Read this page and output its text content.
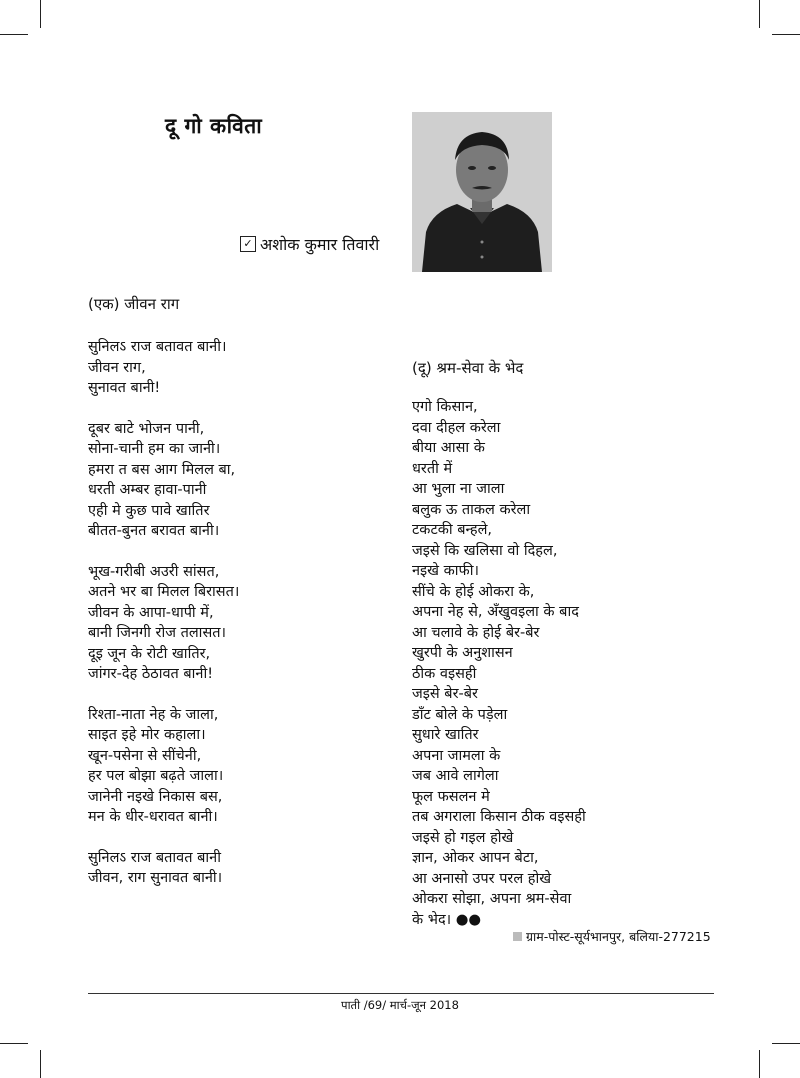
दू गो कविता
✓ अशोक कुमार तिवारी
(एक) जीवन राग
सुनिलऽ राज बतावत बानी।
जीवन राग,
सुनावत बानी!
दूबर बाटे भोजन पानी,
सोना-चानी हम का जानी।
हमरा त बस आग मिलल बा,
धरती अम्बर हावा-पानी
एही मे कुछ पावे खातिर
बीतत-बुनत बरावत बानी।
भूख-गरीबी अउरी सांसत,
अतने भर बा मिलल बिरासत।
जीवन के आपा-धापी में,
बानी जिनगी रोज तलासत।
दूइ जून के रोटी खातिर,
जांगर-देह ठेठावत बानी!
रिश्ता-नाता नेह के जाला,
साइत इहे मोर कहाला।
खून-पसेना से सींचेनी,
हर पल बोझा बढ़ते जाला।
जानेनी नइखे निकास बस,
मन के धीर-धरावत बानी।
सुनिलऽ राज बतावत बानी
जीवन, राग सुनावत बानी।
(दू) श्रम-सेवा के भेद
एगो किसान,
दवा दीहल करेला
बीया आसा के
धरती में
आ भुला ना जाला
बलुक ऊ ताकल करेला
टकटकी बन्हले,
जइसे कि खलिसा वो दिहल,
नइखे काफी।
सींचे के होई ओकरा के,
अपना नेह से, अँखुवइला के बाद
आ चलावे के होई बेर-बेर
खुरपी के अनुशासन
ठीक वइसही
जइसे बेर-बेर
डाँट बोले के पड़ेला
सुधारे खातिर
अपना जामला के
जब आवे लागेला
फूल फसलन मे
तब अगराला किसान ठीक वइसही
जइसे हो गइल होखे
ज्ञान, ओकर आपन बेटा,
आ अनासो उपर परल होखे
ओकरा सोझा, अपना श्रम-सेवा
के भेद। ●●
ग्राम-पोस्ट-सूर्यभानपुर, बलिया-277215
पाती /69/ मार्च-जून 2018
